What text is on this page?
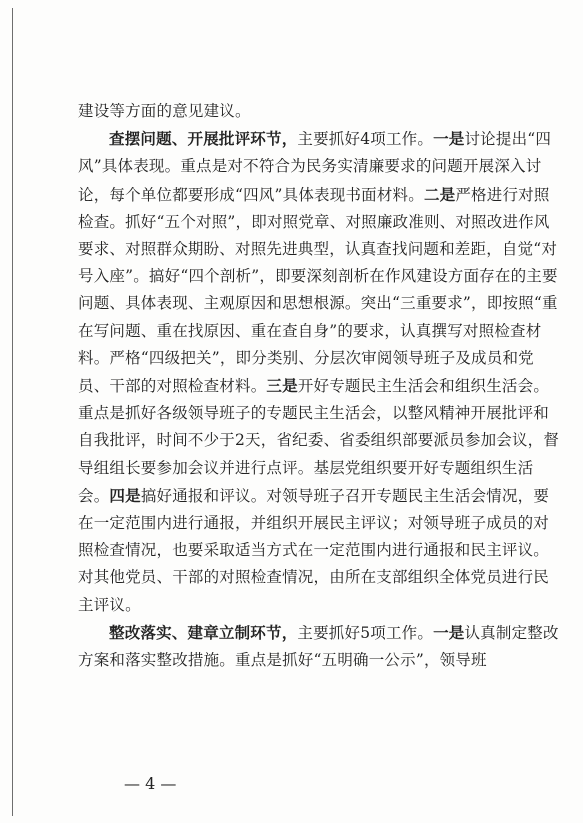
建设等方面的意见建议。

查摆问题、开展批评环节，主要抓好4项工作。一是讨论提出“四风”具体表现。重点是对不符合为民务实清廉要求的问题开展深入讨论，每个单位都要形成“四风”具体表现书面材料。二是严格进行对照检查。抓好“五个对照”，即对照党章、对照廉政准则、对照改进作风要求、对照群众期盼、对照先进典型，认真查找问题和差距，自觉“对号入座”。搞好“四个剖析”，即要深刻剖析在作风建设方面存在的主要问题、具体表现、主观原因和思想根源。突出“三重要求”，即按照“重在写问题、重在找原因、重在查自身”的要求，认真撰写对照检查材料。严格“四级把关”，即分类别、分层次审阅领导班子及成员和党员、干部的对照检查材料。三是开好专题民主生活会和组织生活会。重点是抓好各级领导班子的专题民主生活会，以整风精神开展批评和自我批评，时间不少于2天，省纪委、省委组织部要派员参加会议，督导组组长要参加会议并进行点评。基层党组织要开好专题组织生活会。四是搞好通报和评议。对领导班子召开专题民主生活会情况，要在一定范围内进行通报，并组织开展民主评议；对领导班子成员的对照检查情况，也要采取适当方式在一定范围内进行通报和民主评议。对其他党员、干部的对照检查情况，由所在支部组织全体党员进行民主评议。

整改落实、建章立制环节，主要抓好5项工作。一是认真制定整改方案和落实整改措施。重点是抓好“五明确一公示”，领导班

— 4 —
